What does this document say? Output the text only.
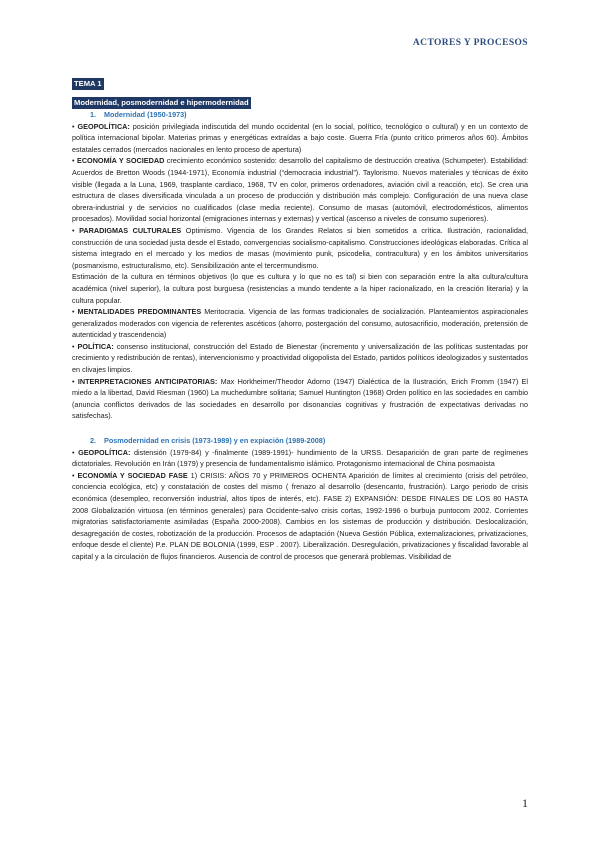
ACTORES Y PROCESOS
TEMA 1
Modernidad, posmodernidad e hipermodernidad

1. Modernidad (1950-1973)

• GEOPOLÍTICA: posición privilegiada indiscutida del mundo occidental (en lo social, político, tecnológico o cultural) y en un contexto de política internacional bipolar. Materias primas y energéticas extraídas a bajo coste. Guerra Fría (punto crítico primeros años 60). Ámbitos estatales cerrados (mercados nacionales en lento proceso de apertura)

• ECONOMÍA Y SOCIEDAD crecimiento económico sostenido: desarrollo del capitalismo de destrucción creativa (Schumpeter). Estabilidad: Acuerdos de Bretton Woods (1944-1971), Economía industrial (“democracia industrial”). Taylorismo. Nuevos materiales y técnicas de éxito visible (llegada a la Luna, 1969, trasplante cardiaco, 1968, TV en color, primeros ordenadores, aviación civil a reacción, etc). Se crea una estructura de clases diversificada vinculada a un proceso de producción y distribución más complejo. Configuración de una nueva clase obrera-industrial y de servicios no cualificados (clase media reciente). Consumo de masas (automóvil, electrodomésticos, alimentos procesados). Movilidad social horizontal (emigraciones internas y externas) y vertical (ascenso a niveles de consumo superiores).

• PARADIGMAS CULTURALES Optimismo. Vigencia de los Grandes Relatos si bien sometidos a crítica. Ilustración, racionalidad, construcción de una sociedad justa desde el Estado, convergencias socialismo-capitalismo. Construcciones ideológicas elaboradas. Crítica al sistema integrado en el mercado y los medios de masas (movimiento punk, psicodelia, contracultura) y en los ámbitos universitarios (posmarxismo, estructuralismo, etc). Sensibilización ante el tercermundismo.

Estimación de la cultura en términos objetivos (lo que es cultura y lo que no es tal) si bien con separación entre la alta cultura/cultura académica (nivel superior), la cultura post burguesa (resistencias a mundo tendente a la hiper racionalizado, en la creación literaria) y la cultura popular.

• MENTALIDADES PREDOMINANTES Meritocracia. Vigencia de las formas tradicionales de socialización. Planteamientos aspiracionales generalizados moderados con vigencia de referentes ascéticos (ahorro, postergación del consumo, autosacrificio, moderación, pretensión de autenticidad y trascendencia)

• POLÍTICA: consenso institucional, construcción del Estado de Bienestar (incremento y universalización de las políticas sustentadas por crecimiento y redistribución de rentas), intervencionismo y proactividad oligopolista del Estado, partidos políticos ideologizados y sustentados en clivajes limpios.

• INTERPRETACIONES ANTICIPATORIAS: Max Horkheimer/Theodor Adorno (1947) Dialéctica de la Ilustración, Erich Fromm (1947) El miedo a la libertad, David Riesman (1960) La muchedumbre solitaria; Samuel Huntington (1968) Orden político en las sociedades en cambio (anuncia conflictos derivados de las sociedades en desarrollo por disonancias cognitivas y frustración de expectativas derivadas no satisfechas).

2. Posmodernidad en crisis (1973-1989) y en expiación (1989-2008)

• GEOPOLÍTICA: distensión (1979-84) y -finalmente (1989-1991)- hundimiento de la URSS. Desaparición de gran parte de regímenes dictatoriales. Revolución en Irán (1979) y presencia de fundamentalismo islámico. Protagonismo internacional de China posmaoista

• ECONOMÍA Y SOCIEDAD FASE 1) CRISIS: AÑOS 70 y PRIMEROS OCHENTA Aparición de límites al crecimiento (crisis del petróleo, conciencia ecológica, etc) y constatación de costes del mismo ( frenazo al desarrollo (desencanto, frustración). Largo periodo de crisis económica (desempleo, reconversión industrial, altos tipos de interés, etc). FASE 2) EXPANSIÓN: DESDE FINALES DE LOS 80 HASTA 2008 Globalización virtuosa (en términos generales) para Occidente-salvo crisis cortas, 1992-1996 o burbuja puntocom 2002. Corrientes migratorias satisfactoriamente asimiladas (España 2000-2008). Cambios en los sistemas de producción y distribución. Deslocalización, desagregación de costes, robotización de la producción. Procesos de adaptación (Nueva Gestión Pública, externalizaciones, privatizaciones, enfoque desde el cliente) P.e. PLAN DE BOLONIA (1999, ESP . 2007). Liberalización. Desregulación, privatizaciones y fiscalidad favorable al capital y a la circulación de flujos financieros. Ausencia de control de procesos que generará problemas. Visibilidad de

1
